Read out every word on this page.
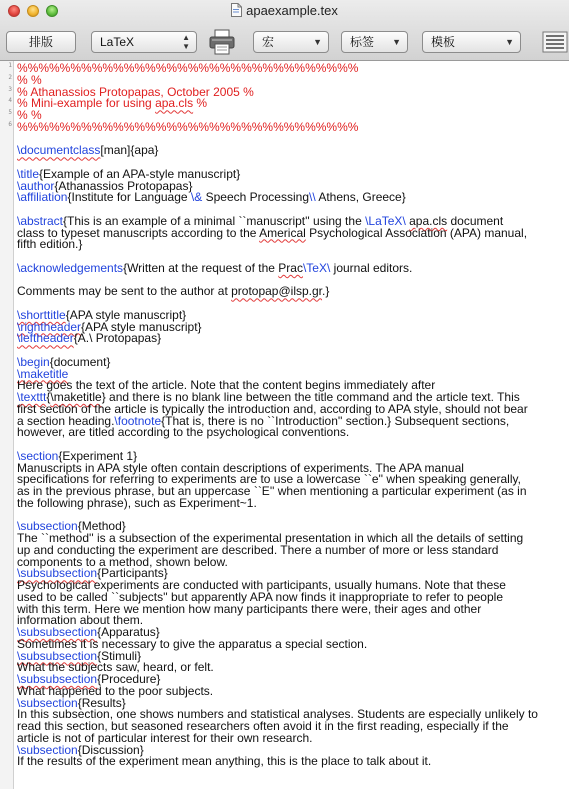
apaexample.tex
排版	LaTeX	▲
▼	宏	▼	标签 ▼	模板	▼
1
2
3
4
5
6
%%%%%%%%%%%%%%%%%%%%%%%%%%%%%%%%
% %
% Athanassios Protopapas, October 2005 %
% Mini-example for using apa.cls %
% %
%%%%%%%%%%%%%%%%%%%%%%%%%%%%%%%%
\documentclass[man]{apa}
\title{Example of an APA-style manuscript}
\author{Athanassios Protopapas}
\affiliation{Institute for Language \& Speech Processing\\ Athens, Greece}
\abstract{This is an example of a minimal ``manuscript'' using the \LaTeX\ apa.cls document
class to typeset manuscripts according to the Americal Psychological Association (APA) manual,
fifth edition.}
\acknowledgements{Written at the request of the Prac\TeX\ journal editors.
Comments may be sent to the author at protopap@ilsp.gr.}
\shorttitle{APA style manuscript}
\rightheader{APA style manuscript}
\leftheader{A.\ Protopapas}
\begin{document}
\maketitle
Here goes the text of the article. Note that the content begins immediately after
\texttt{\maketitle} and there is no blank line between the title command and the article text. This
first section of the article is typically the introduction and, according to APA style, should not bear
a section heading.\footnote{That is, there is no ``Introduction'' section.} Subsequent sections,
however, are titled according to the psychological conventions.
\section{Experiment 1}
Manuscripts in APA style often contain descriptions of experiments. The APA manual
specifications for referring to experiments are to use a lowercase ``e'' when speaking generally,
as in the previous phrase, but an uppercase ``E'' when mentioning a particular experiment (as in
the following phrase), such as Experiment~1.
\subsection{Method}
The ``method'' is a subsection of the experimental presentation in which all the details of setting
up and conducting the experiment are described. There a number of more or less standard
components to a method, shown below.
\subsubsection{Participants}
Psychological experiments are conducted with participants, usually humans. Note that these
used to be called ``subjects'' but apparently APA now finds it inappropriate to refer to people
with this term. Here we mention how many participants there were, their ages and other
information about them.
\subsubsection{Apparatus}
Sometimes it is necessary to give the apparatus a special section.
\subsubsection{Stimuli}
What the subjects saw, heard, or felt.
\subsubsection{Procedure}
What happened to the poor subjects.
\subsection{Results}
In this subsection, one shows numbers and statistical analyses. Students are especially unlikely to
read this section, but seasoned researchers often avoid it in the first reading, especially if the
article is not of particular interest for their own research.
\subsection{Discussion}
If the results of the experiment mean anything, this is the place to talk about it.
